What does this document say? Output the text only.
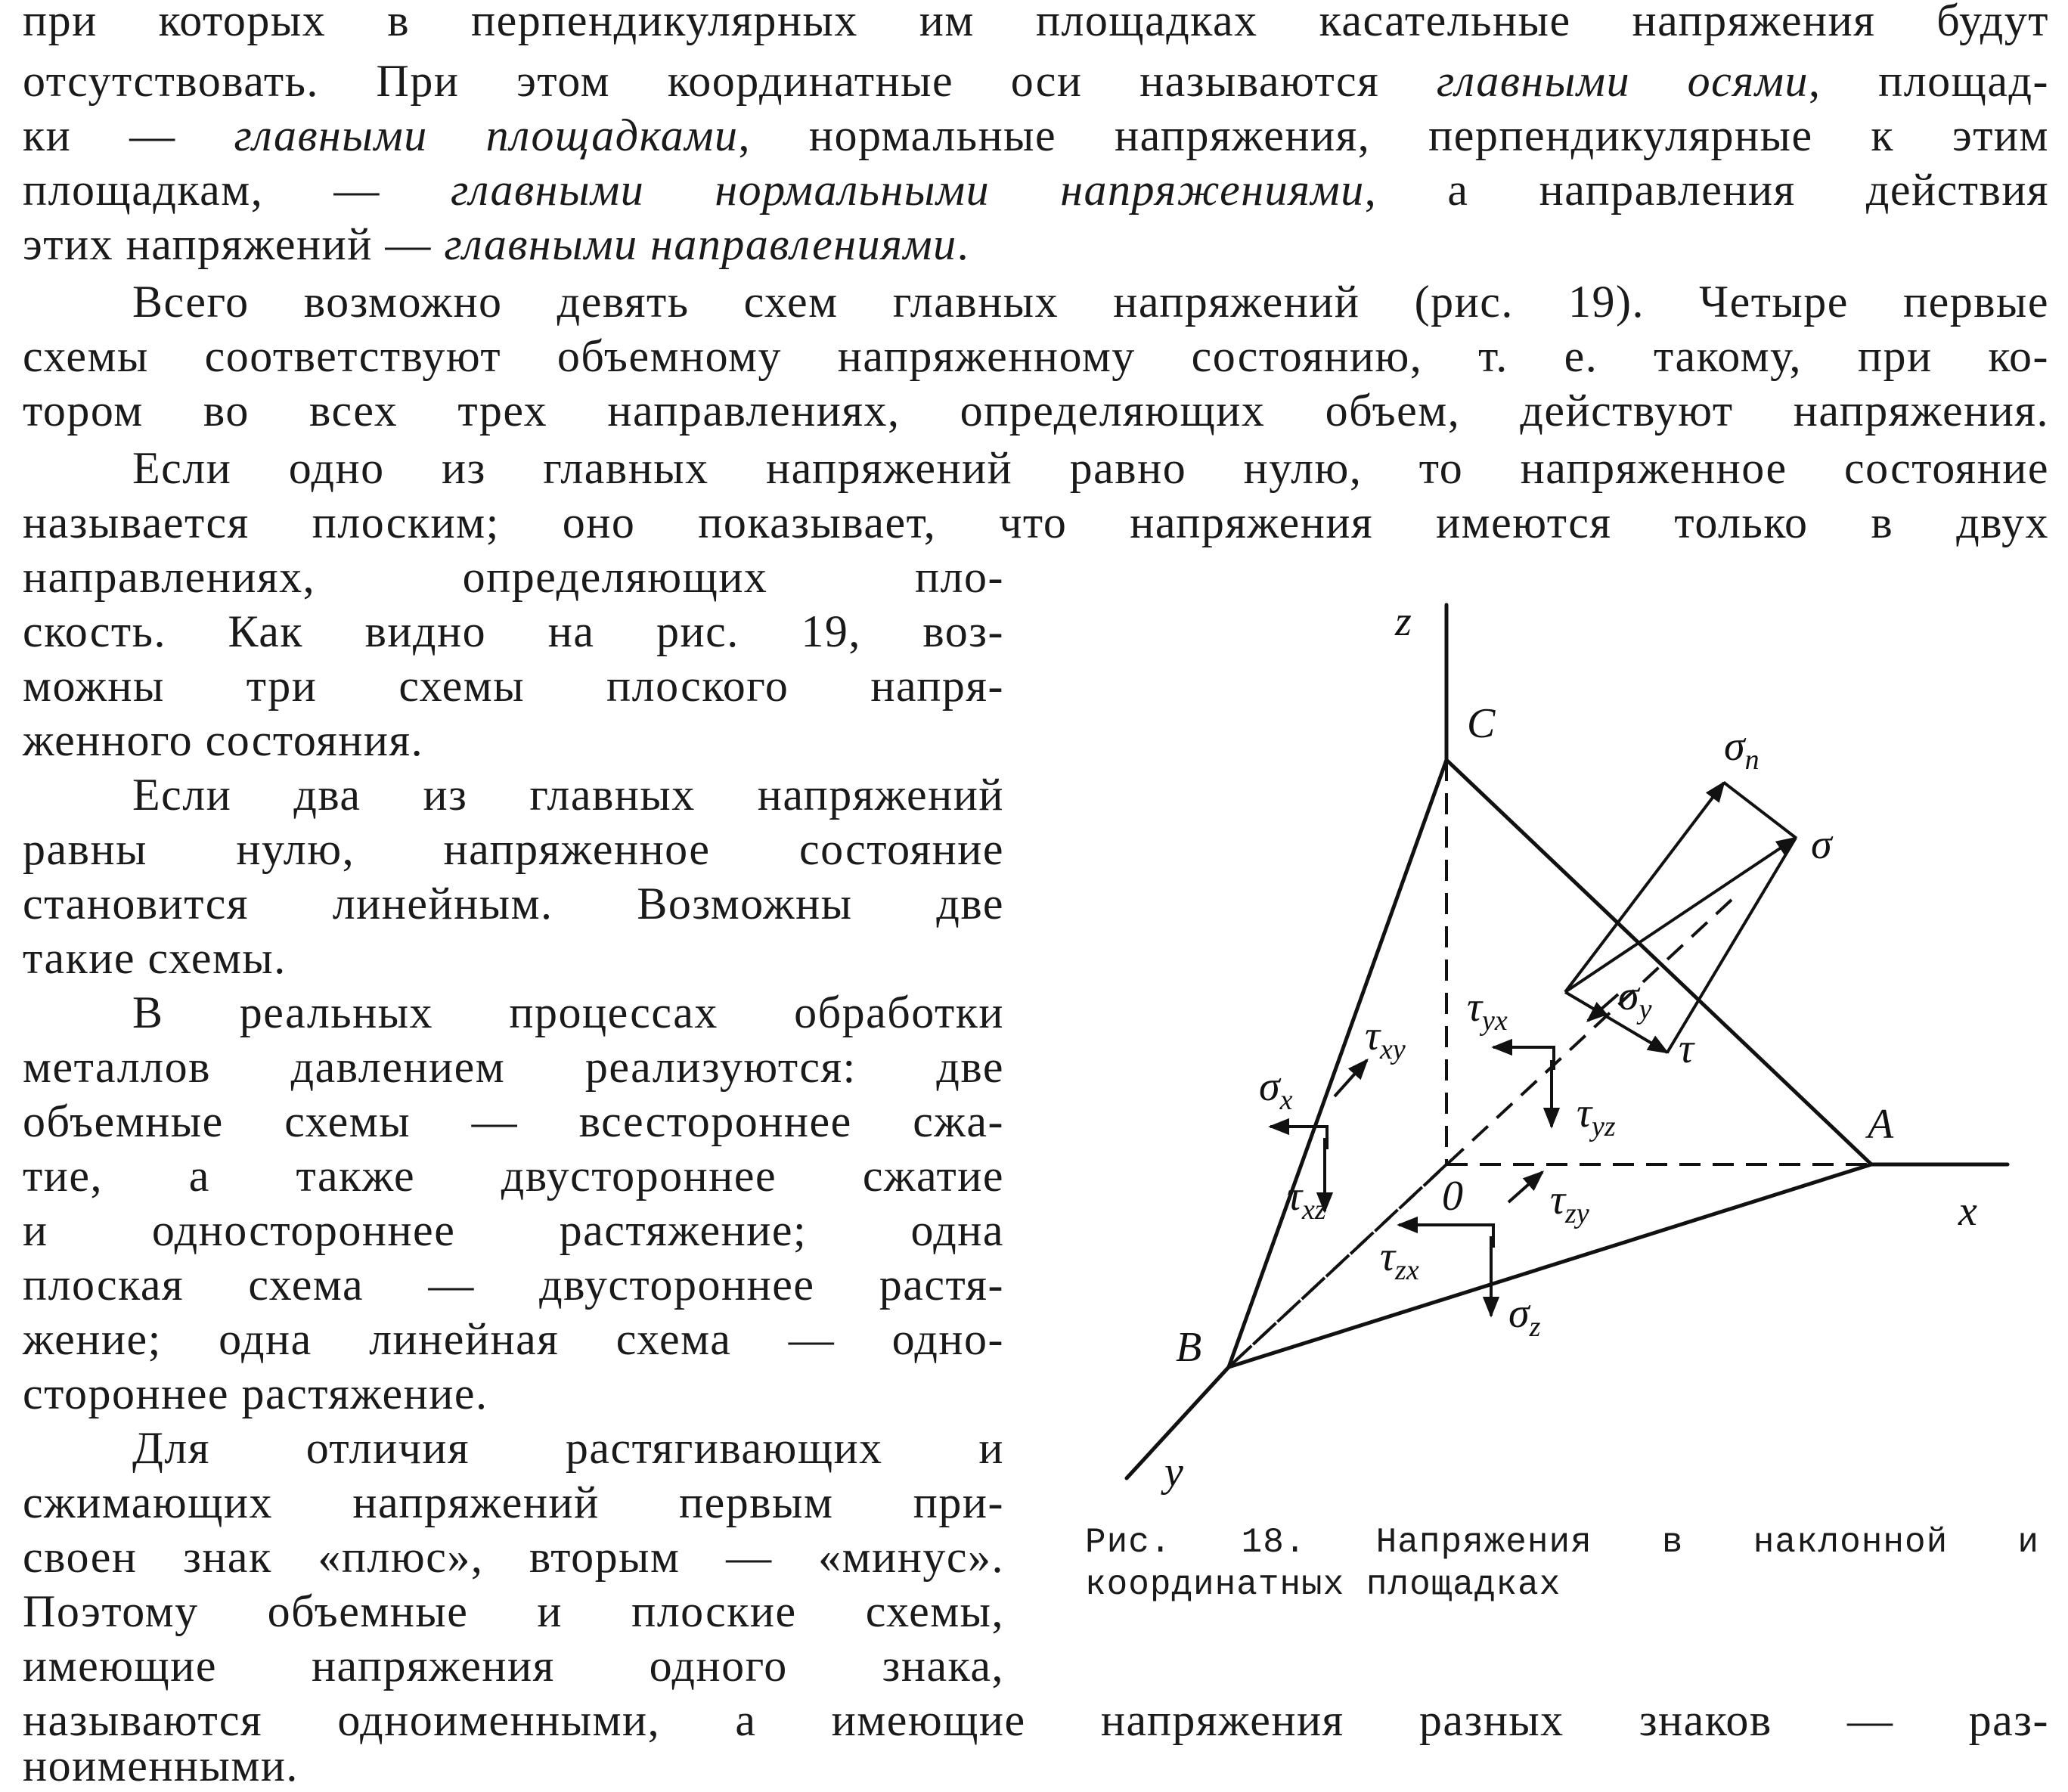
при которых в перпендикулярных им площадках касательные напряжения будут
отсутствовать. При этом координатные оси называются главными осями, площад-
ки — главными площадками, нормальные напряжения, перпендикулярные к этим
площадкам, — главными нормальными напряжениями, а направления действия
этих напряжений — главными направлениями.
Всего возможно девять схем главных напряжений (рис. 19). Четыре первые
схемы соответствуют объемному напряженному состоянию, т. е. такому, при ко-
тором во всех трех направлениях, определяющих объем, действуют напряжения.
Если одно из главных напряжений равно нулю, то напряженное состояние
называется плоским; оно показывает, что напряжения имеются только в двух
направлениях, определяющих пло-
скость. Как видно на рис. 19, воз-
можны три схемы плоского напря-
женного состояния.
Если два из главных напряжений
равны нулю, напряженное состояние
становится линейным. Возможны две
такие схемы.
В реальных процессах обработки
металлов давлением реализуются: две
объемные схемы — всестороннее сжа-
тие, а также двустороннее сжатие
и одностороннее растяжение; одна
плоская схема — двустороннее растя-
жение; одна линейная схема — одно-
стороннее растяжение.
Для отличия растягивающих и
сжимающих напряжений первым при-
своен знак «плюс», вторым — «минус».
Поэтому объемные и плоские схемы,
имеющие напряжения одного знака,
называются одноименными, а имеющие напряжения разных знаков — раз-
ноименными.
z
C
x
A
B
y
0
$\sigma_n$
σ
$\sigma_y$
τ
$\tau_{yx}$
$\tau_{xy}$
$\sigma_x$	$\tau_{yz}$
$\tau_{xz}$	$\tau_{zy}$
$\tau_{zx}$
$\sigma_z$
Рис. 18. Напряжения в наклонной и
координатных площадках
